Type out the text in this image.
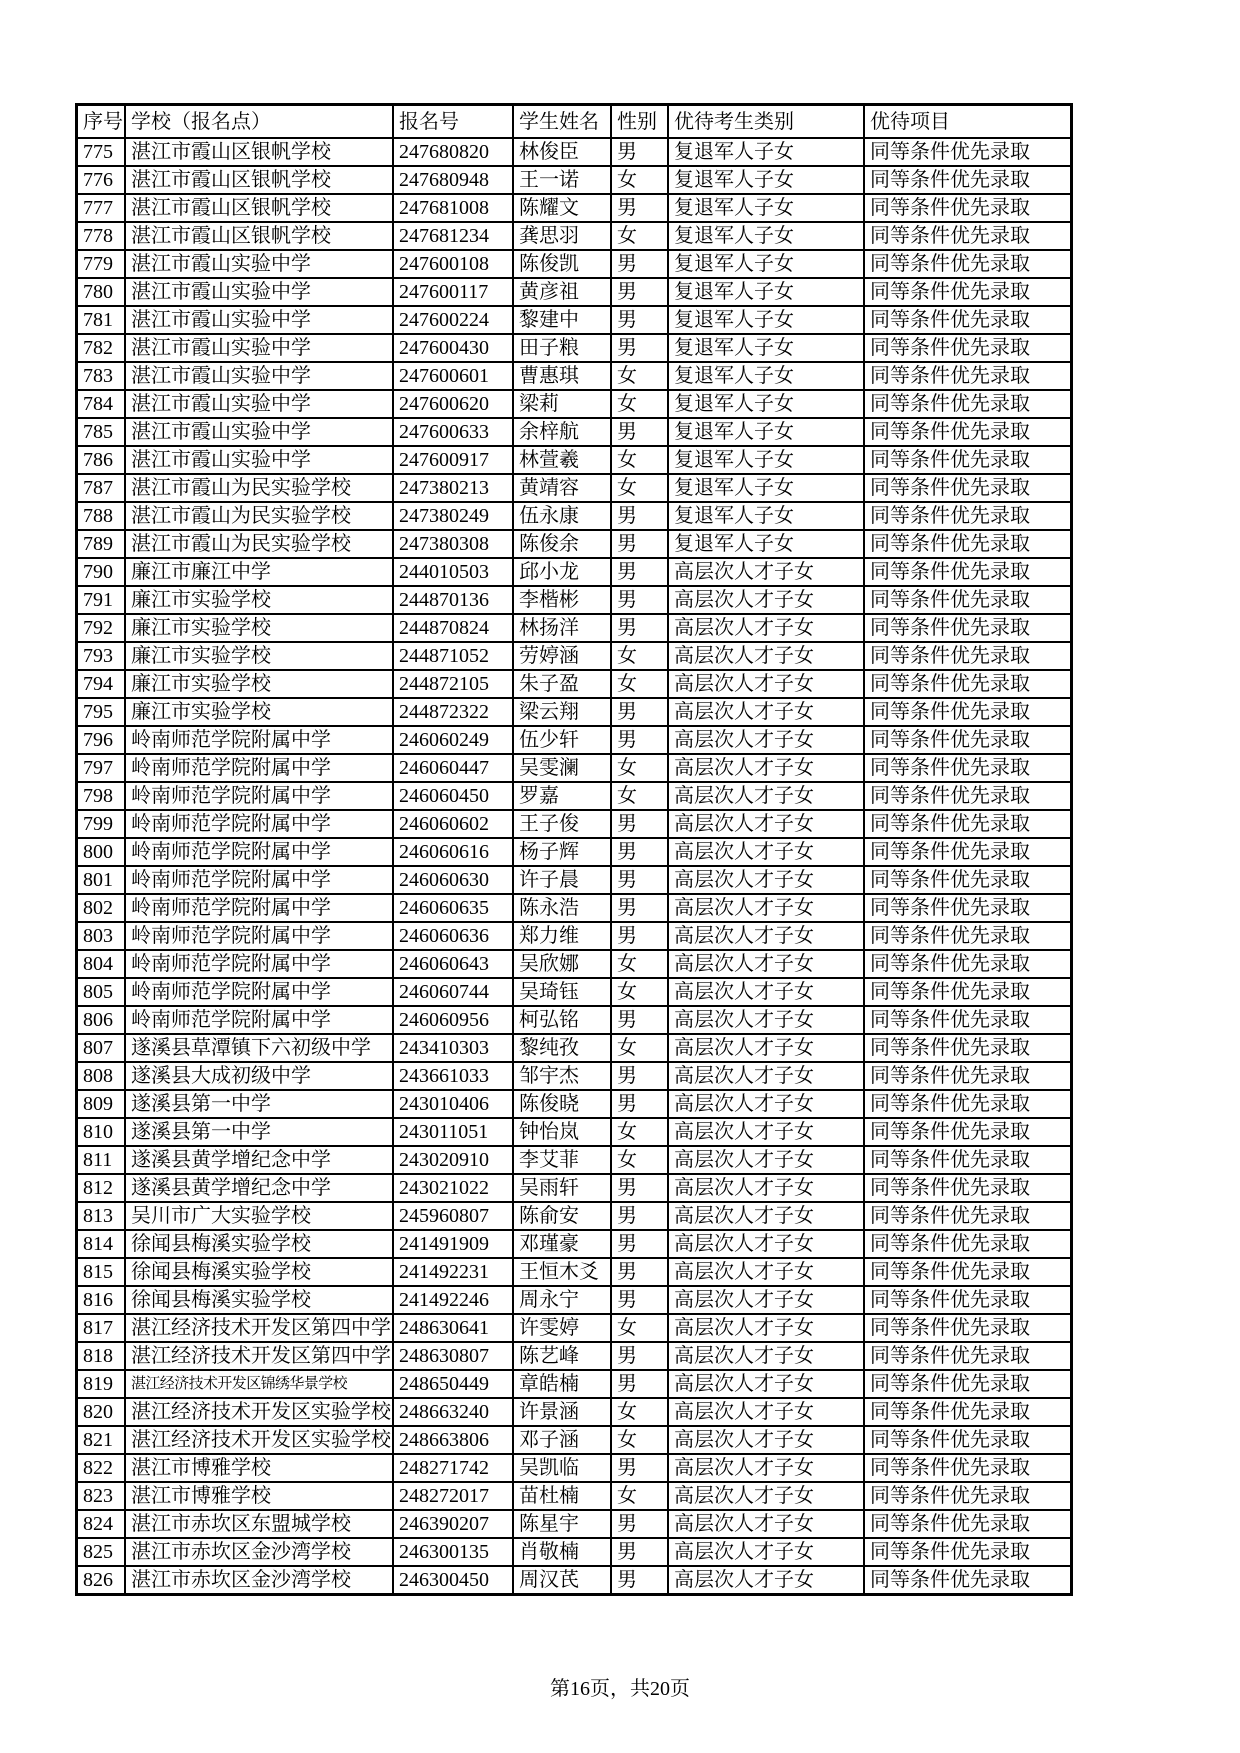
序号	学校（报名点）	报名号	学生姓名	性别	优待考生类别	优待项目
775	湛江市霞山区银帆学校	247680820	林俊臣	男	复退军人子女	同等条件优先录取
776	湛江市霞山区银帆学校	247680948	王一诺	女	复退军人子女	同等条件优先录取
777	湛江市霞山区银帆学校	247681008	陈耀文	男	复退军人子女	同等条件优先录取
778	湛江市霞山区银帆学校	247681234	龚思羽	女	复退军人子女	同等条件优先录取
779	湛江市霞山实验中学	247600108	陈俊凯	男	复退军人子女	同等条件优先录取
780	湛江市霞山实验中学	247600117	黄彦祖	男	复退军人子女	同等条件优先录取
781	湛江市霞山实验中学	247600224	黎建中	男	复退军人子女	同等条件优先录取
782	湛江市霞山实验中学	247600430	田子粮	男	复退军人子女	同等条件优先录取
783	湛江市霞山实验中学	247600601	曹惠琪	女	复退军人子女	同等条件优先录取
784	湛江市霞山实验中学	247600620	梁莉	女	复退军人子女	同等条件优先录取
785	湛江市霞山实验中学	247600633	余梓航	男	复退军人子女	同等条件优先录取
786	湛江市霞山实验中学	247600917	林萱羲	女	复退军人子女	同等条件优先录取
787	湛江市霞山为民实验学校	247380213	黄靖容	女	复退军人子女	同等条件优先录取
788	湛江市霞山为民实验学校	247380249	伍永康	男	复退军人子女	同等条件优先录取
789	湛江市霞山为民实验学校	247380308	陈俊余	男	复退军人子女	同等条件优先录取
790	廉江市廉江中学	244010503	邱小龙	男	高层次人才子女	同等条件优先录取
791	廉江市实验学校	244870136	李楷彬	男	高层次人才子女	同等条件优先录取
792	廉江市实验学校	244870824	林扬洋	男	高层次人才子女	同等条件优先录取
793	廉江市实验学校	244871052	劳婷涵	女	高层次人才子女	同等条件优先录取
794	廉江市实验学校	244872105	朱子盈	女	高层次人才子女	同等条件优先录取
795	廉江市实验学校	244872322	梁云翔	男	高层次人才子女	同等条件优先录取
796	岭南师范学院附属中学	246060249	伍少轩	男	高层次人才子女	同等条件优先录取
797	岭南师范学院附属中学	246060447	吴雯澜	女	高层次人才子女	同等条件优先录取
798	岭南师范学院附属中学	246060450	罗嘉	女	高层次人才子女	同等条件优先录取
799	岭南师范学院附属中学	246060602	王子俊	男	高层次人才子女	同等条件优先录取
800	岭南师范学院附属中学	246060616	杨子辉	男	高层次人才子女	同等条件优先录取
801	岭南师范学院附属中学	246060630	许子晨	男	高层次人才子女	同等条件优先录取
802	岭南师范学院附属中学	246060635	陈永浩	男	高层次人才子女	同等条件优先录取
803	岭南师范学院附属中学	246060636	郑力维	男	高层次人才子女	同等条件优先录取
804	岭南师范学院附属中学	246060643	吴欣娜	女	高层次人才子女	同等条件优先录取
805	岭南师范学院附属中学	246060744	吴琦钰	女	高层次人才子女	同等条件优先录取
806	岭南师范学院附属中学	246060956	柯弘铭	男	高层次人才子女	同等条件优先录取
807	遂溪县草潭镇下六初级中学	243410303	黎纯孜	女	高层次人才子女	同等条件优先录取
808	遂溪县大成初级中学	243661033	邹宇杰	男	高层次人才子女	同等条件优先录取
809	遂溪县第一中学	243010406	陈俊晓	男	高层次人才子女	同等条件优先录取
810	遂溪县第一中学	243011051	钟怡岚	女	高层次人才子女	同等条件优先录取
811	遂溪县黄学增纪念中学	243020910	李艾菲	女	高层次人才子女	同等条件优先录取
812	遂溪县黄学增纪念中学	243021022	吴雨轩	男	高层次人才子女	同等条件优先录取
813	吴川市广大实验学校	245960807	陈俞安	男	高层次人才子女	同等条件优先录取
814	徐闻县梅溪实验学校	241491909	邓瑾豪	男	高层次人才子女	同等条件优先录取
815	徐闻县梅溪实验学校	241492231	王恒木爻	男	高层次人才子女	同等条件优先录取
816	徐闻县梅溪实验学校	241492246	周永宁	男	高层次人才子女	同等条件优先录取
817	湛江经济技术开发区第四中学	248630641	许雯婷	女	高层次人才子女	同等条件优先录取
818	湛江经济技术开发区第四中学	248630807	陈艺峰	男	高层次人才子女	同等条件优先录取
819	湛江经济技术开发区锦绣华景学校	248650449	章皓楠	男	高层次人才子女	同等条件优先录取
820	湛江经济技术开发区实验学校	248663240	许景涵	女	高层次人才子女	同等条件优先录取
821	湛江经济技术开发区实验学校	248663806	邓子涵	女	高层次人才子女	同等条件优先录取
822	湛江市博雅学校	248271742	吴凯临	男	高层次人才子女	同等条件优先录取
823	湛江市博雅学校	248272017	苗杜楠	女	高层次人才子女	同等条件优先录取
824	湛江市赤坎区东盟城学校	246390207	陈星宇	男	高层次人才子女	同等条件优先录取
825	湛江市赤坎区金沙湾学校	246300135	肖敬楠	男	高层次人才子女	同等条件优先录取
826	湛江市赤坎区金沙湾学校	246300450	周汉芪	男	高层次人才子女	同等条件优先录取
第16页，共20页
